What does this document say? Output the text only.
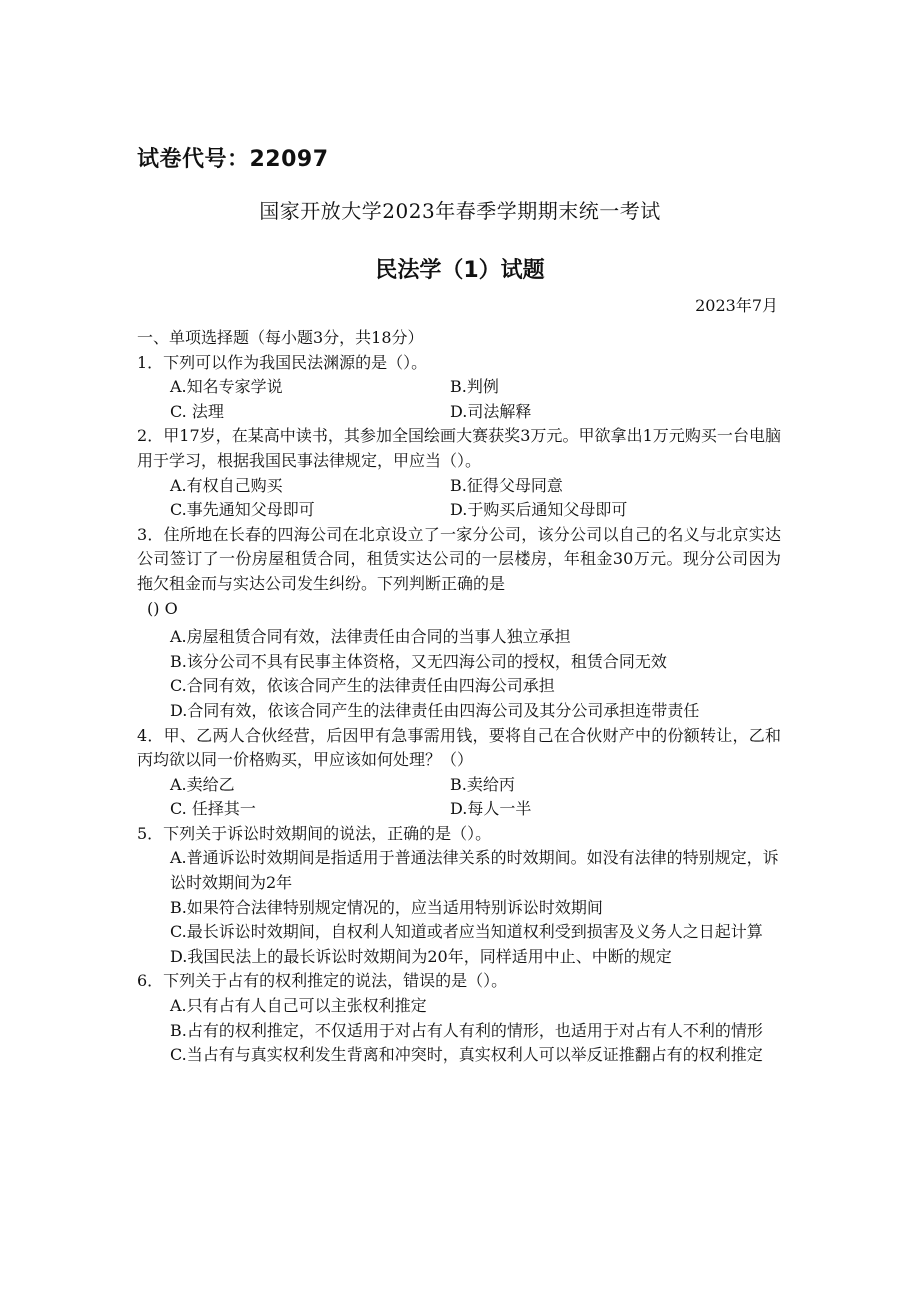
试卷代号：22097
国家开放大学2023年春季学期期末统一考试
民法学（1）试题
2023年7月

一、单项选择题（每小题3分，共18分）

1．下列可以作为我国民法渊源的是（）。

A.知名专家学说	B.判例
C. 法理	D.司法解释

2．甲17岁，在某高中读书，其参加全国绘画大赛获奖3万元。甲欲拿出1万元购买一台电脑用于学习，根据我国民事法律规定，甲应当（）。

A.有权自己购买	B.征得父母同意
C.事先通知父母即可	D.于购买后通知父母即可

3．住所地在长春的四海公司在北京设立了一家分公司，该分公司以自己的名义与北京实达公司签订了一份房屋租赁合同，租赁实达公司的一层楼房，年租金30万元。现分公司因为拖欠租金而与实达公司发生纠纷。下列判断正确的是

() O

A.房屋租赁合同有效，法律责任由合同的当事人独立承担

B.该分公司不具有民事主体资格，又无四海公司的授权，租赁合同无效

C.合同有效，依该合同产生的法律责任由四海公司承担

D.合同有效，依该合同产生的法律责任由四海公司及其分公司承担连带责任

4．甲、乙两人合伙经营，后因甲有急事需用钱，要将自己在合伙财产中的份额转让，乙和丙均欲以同一价格购买，甲应该如何处理？（）

A.卖给乙	B.卖给丙
C. 任择其一	D.每人一半

5．下列关于诉讼时效期间的说法，正确的是（）。

A.普通诉讼时效期间是指适用于普通法律关系的时效期间。如没有法律的特别规定，诉讼时效期间为2年

B.如果符合法律特别规定情况的，应当适用特别诉讼时效期间

C.最长诉讼时效期间，自权利人知道或者应当知道权利受到损害及义务人之日起计算

D.我国民法上的最长诉讼时效期间为20年，同样适用中止、中断的规定

6．下列关于占有的权利推定的说法，错误的是（）。

A.只有占有人自己可以主张权利推定

B.占有的权利推定，不仅适用于对占有人有利的情形，也适用于对占有人不利的情形

C.当占有与真实权利发生背离和冲突时，真实权利人可以举反证推翻占有的权利推定
